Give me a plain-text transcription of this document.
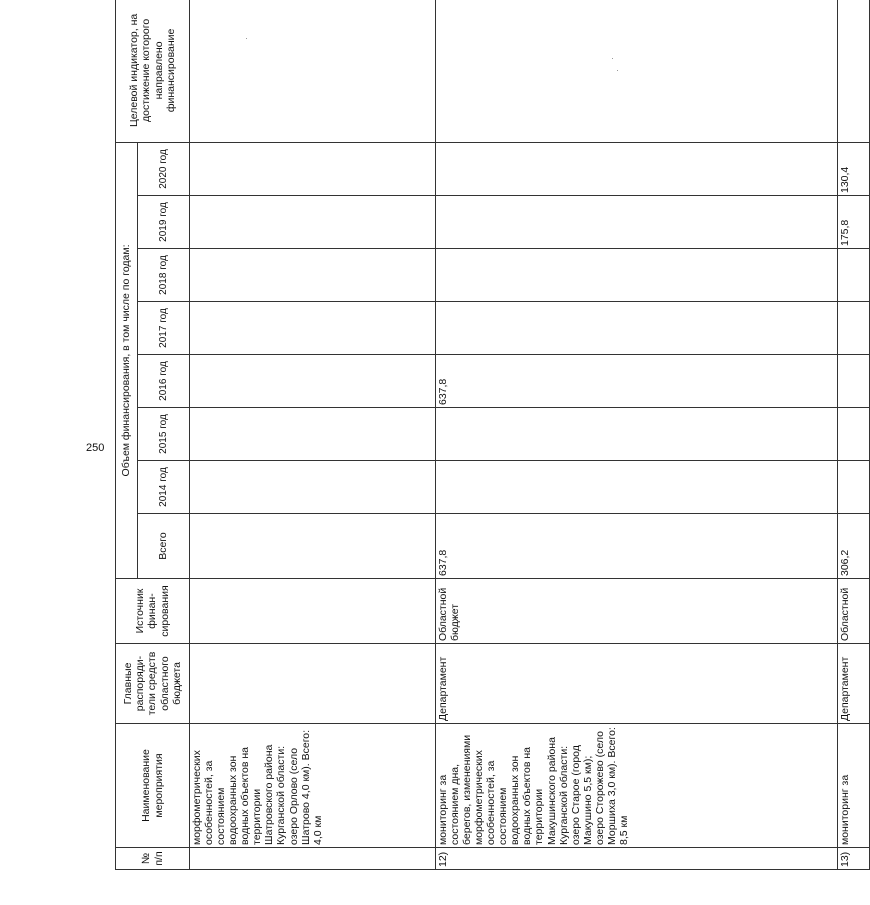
250
№ п/п	Наименование мероприятия	Главные распоряди-тели средств областного бюджета	Источник финан-сирования	Объем финансирования, в том числе по годам:								Целевой индикатор, на достижение которого направлено финансирование
				Всего	2014 год	2015 год	2016 год	2017 год	2018 год	2019 год	2020 год	
	морфометрических особенностей, за состоянием водоохранных зон водных объектов на территории Шатровского района Курганской области: озеро Орлово (село Шатрово 4,0 км). Всего: 4,0 км											
12)	мониторинг за состоянием дна, берегов, изменениями морфометрических особенностей, за состоянием водоохранных зон водных объектов на территории Макушинского района Курганской области: озеро Старое (город Макушино 5,5 км); озеро Сторожево (село Моршиха 3,0 км). Всего: 8,5 км	Департамент	Областной бюджет	637,8			637,8					
13)	мониторинг за	Департамент	Областной	306,2						175,8	130,4	
